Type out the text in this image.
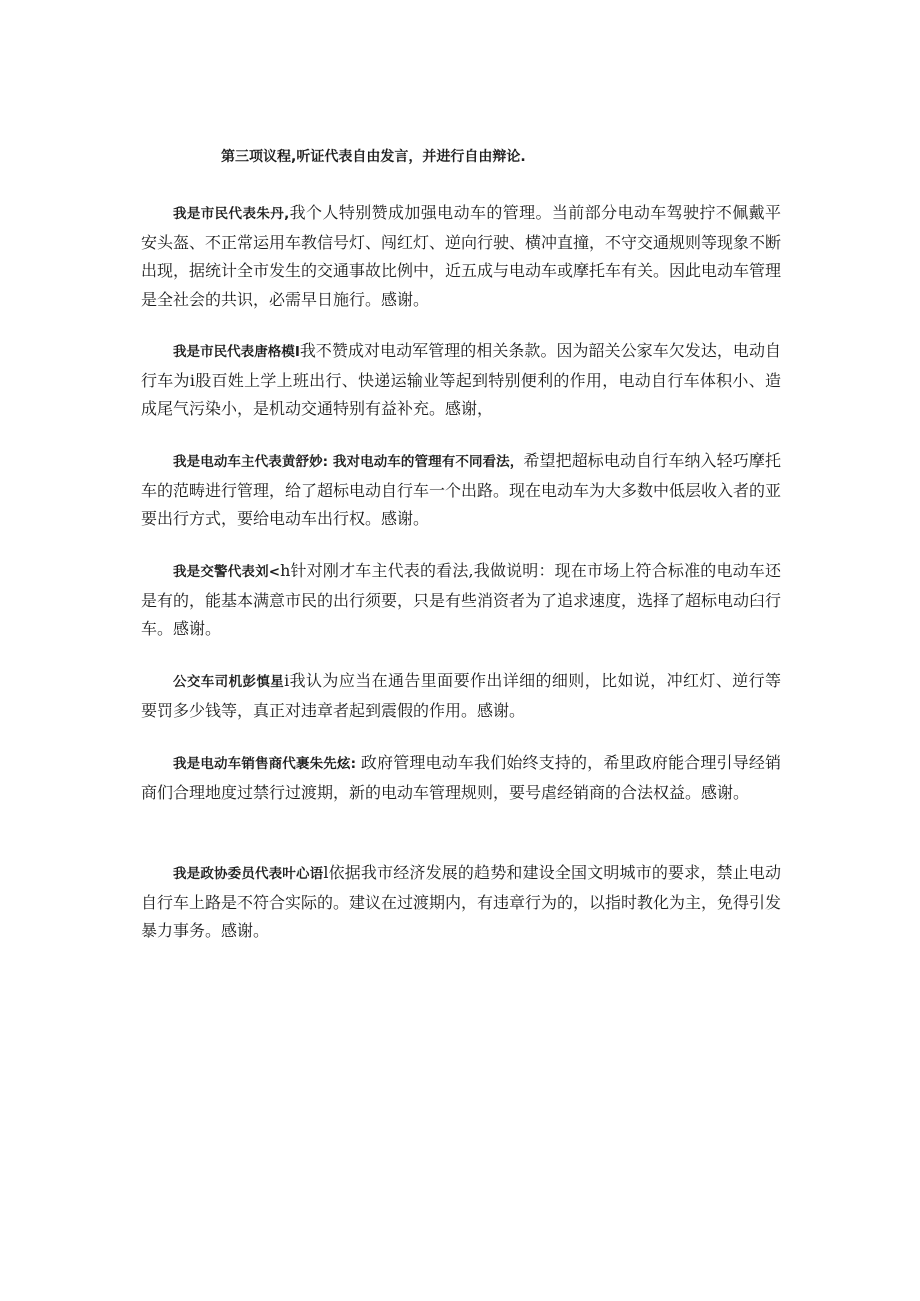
第三项议程,听证代表自由发言，并进行自由辩论.
我是市民代表朱丹,我个人特别赞成加强电动车的管理。当前部分电动车驾驶拧不佩戴平安头盔、不正常运用车教信号灯、闯红灯、逆向行驶、横冲直撞，不守交通规则等现象不断出现，据统计全市发生的交通事故比例中，近五成与电动车或摩托车有关。因此电动车管理是全社会的共识，必需早日施行。感谢。
我是市民代表唐格模I我不赞成对电动军管理的相关条款。因为韶关公家车欠发达，电动自行车为i股百姓上学上班出行、快递运输业等起到特别便利的作用，电动自行车体积小、造成尾气污染小，是机动交通特别有益补充。感谢，
我是电动车主代表黄舒妙: 我对电动车的管理有不同看法，希望把超标电动自行车纳入轻巧摩托车的范畴进行管理，给了超标电动自行车一个出路。现在电动车为大多数中低层收入者的亚要出行方式，要给电动车出行权。感谢。
我是交警代表刘<h针对刚才车主代表的看法,我做说明：现在市场上符合标准的电动车还是有的，能基本满意市民的出行须要，只是有些消资者为了追求速度，选择了超标电动臼行车。感谢。
公交车司机彭慎星i我认为应当在通告里面要作出详细的细则，比如说，冲红灯、逆行等要罚多少钱等，真正对违章者起到震假的作用。感谢。
我是电动车销售商代裹朱先炫: 政府管理电动车我们始终支持的，希里政府能合理引导经销商们合理地度过禁行过渡期，新的电动车管理规则，要号虐经销商的合法权益。感谢。
我是政协委员代表叶心语l依据我市经济发展的趋势和建设全国文明城市的要求，禁止电动自行车上路是不符合实际的。建议在过渡期内，有违章行为的，以指时教化为主，免得引发暴力事务。感谢。
